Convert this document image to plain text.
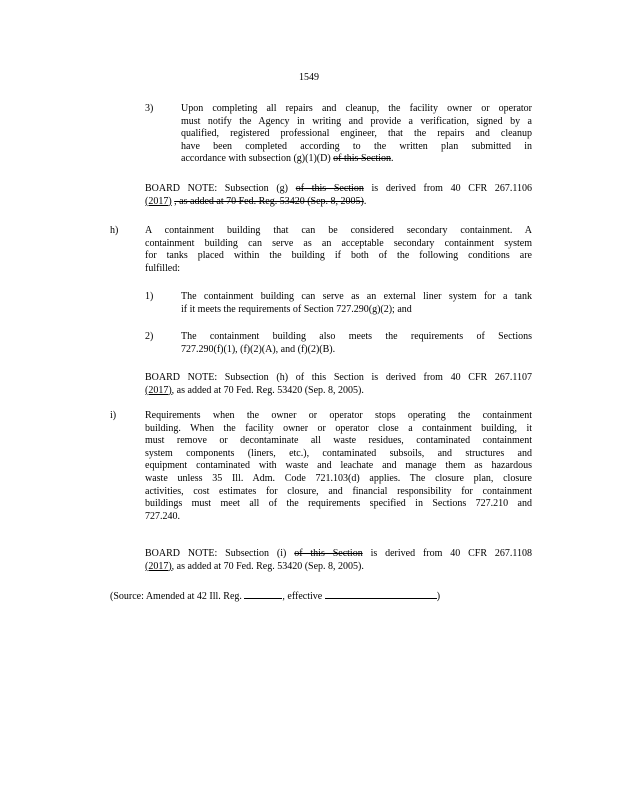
1549
3)	Upon completing all repairs and cleanup, the facility owner or operator
must notify the Agency in writing and provide a verification, signed by a
qualified, registered professional engineer, that the repairs and cleanup
have been completed according to the written plan submitted in
accordance with subsection (g)(1)(D) of this Section.
BOARD NOTE: Subsection (g) of this Section is derived from 40 CFR 267.1106
(2017) , as added at 70 Fed. Reg. 53420 (Sep. 8, 2005).
h)	A containment building that can be considered secondary containment. A
containment building can serve as an acceptable secondary containment system
for tanks placed within the building if both of the following conditions are
fulfilled:
1)	The containment building can serve as an external liner system for a tank
if it meets the requirements of Section 727.290(g)(2); and
2)	The containment building also meets the requirements of Sections
727.290(f)(1), (f)(2)(A), and (f)(2)(B).
BOARD NOTE: Subsection (h) of this Section is derived from 40 CFR 267.1107
(2017), as added at 70 Fed. Reg. 53420 (Sep. 8, 2005).
i)	Requirements when the owner or operator stops operating the containment
building. When the facility owner or operator close a containment building, it
must remove or decontaminate all waste residues, contaminated containment
system components (liners, etc.), contaminated subsoils, and structures and
equipment contaminated with waste and leachate and manage them as hazardous
waste unless 35 Ill. Adm. Code 721.103(d) applies. The closure plan, closure
activities, cost estimates for closure, and financial responsibility for containment
buildings must meet all of the requirements specified in Sections 727.210 and
727.240.
BOARD NOTE: Subsection (i) of this Section is derived from 40 CFR 267.1108
(2017), as added at 70 Fed. Reg. 53420 (Sep. 8, 2005).
(Source: Amended at 42 Ill. Reg.	, effective	)
